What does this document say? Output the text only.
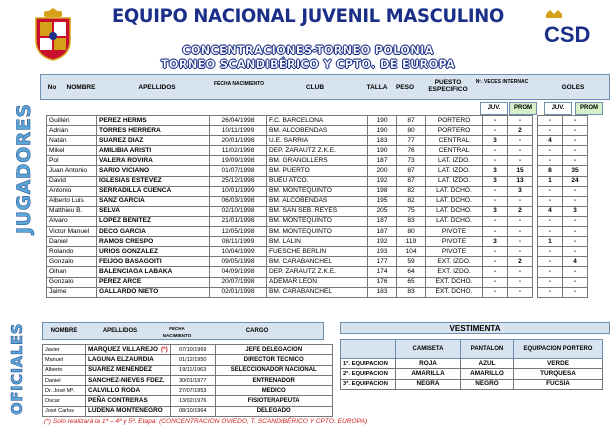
CSD
EQUIPO NACIONAL JUVENIL MASCULINO
CONCENTRACIONES-TORNEO POLONIA
TORNEO SCANDIBÉRICO Y CPTO. DE EUROPA
JUGADORES
OFICIALES
No	NOMBRE	APELLIDOS	FECHA NACIMIENTO	CLUB	TALLA	PESO
PUESTO ESPECIFICO
Nº. VECES INTERNAC
GOLES
JUV.	PROM	JUV.	PROM
Guillén	PEREZ HERMS	26/04/1998	F.C. BARCELONA	190	87	PORTERO	-	-		-	-
Adrián	TORRES HERRERA	10/11/1999	BM. ALCOBENDAS	190	80	PORTERO	-	2		-	-
Natán	SUAREZ DIAZ	20/01/1998	U.E. SARRIA	183	77	CENTRAL	3	-		4	-
Mikel	AMILIBIA ARISTI	11/02/1998	DEP. ZARAUTZ Z.K.E.	190	76	CENTRAL	-	-		-	-
Pol	VALERA ROVIRA	19/09/1998	BM. GRANOLLERS	187	73	LAT. IZDO.	-	-		-	-
Juan Antonio	SARIO VICIANO	01/07/1998	BM. PUERTO	200	87	LAT. IZDO.	3	15		8	35
David	IGLESIAS ESTEVEZ	25/12/1998	BUEU ATCO.	192	87	LAT. IZDO.	3	13		1	24
Antonio	SERRADILLA CUENCA	10/01/1999	BM. MONTEQUINTO	198	82	LAT. DCHO.	-	3		-	-
Alberto Luis	SANZ GARCIA	06/03/1998	BM. ALCOBENDAS	195	82	LAT. DCHO.	-	-		-	-
Matthieu B.	SELVA	02/10/1998	BM. SAN SEB. REYES	205	75	LAT. DCHO.	3	2		4	3
Alvaro	LOPEZ BENITEZ	21/01/1998	BM. MONTEQUINTO	187	83	LAT. DCHO.	-	-		-	-
Victor Manuel	DECO GARCIA	12/05/1998	BM. MONTEQUINTO	187	80	PIVOTE	-	-		-	-
Daniel	RAMOS CRESPO	08/11/1999	BM. LALIN	192	119	PIVOTE	3	-		1	-
Rolando	URIOS GONZALEZ	10/04/1999	FUESCHE BERLIN	193	104	PIVOTE	-	-		-	-
Gonzalo	FEIJOO BASAGOITI	09/05/1998	BM. CARABANCHEL	177	59	EXT. IZDO.	-	2		-	4
Oihan	BALENCIAGA LABAKA	04/09/1998	DEP. ZARAUTZ Z.K.E.	174	64	EXT. IZDO.	-	-		-	-
Gonzalo	PEREZ ARCE	20/07/1998	ADEMAR LEON	176	65	EXT. DCHO.	-	-		-	-
Jaime	GALLARDO NIETO	02/01/1998	BM. CARABANCHEL	183	83	EXT. DCHO.	-	-		-	-
NOMBRE	APELLIDOS	FECHA NACIMIENTO
CARGO
Javier	MARQUEZ VILLAREJO (*)	07/10/1969	JEFE DELEGACION
Manuel	LAGUNA ELZAURDIA	01/12/1950	DIRECTOR TECNICO
Alberto	SUAREZ MENENDEZ	19/11/1963	SELECCIONADOR NACIONAL
Daniel	SANCHEZ-NIEVES FDEZ.	30/01/1977	ENTRENADOR
Dr. José Mª.	CALVILLO RODA	27/07/1953	MEDICO
Oscar	PEÑA CONTRERAS	13/02/1976	FISIOTERAPEUTA
José Carlos	LUDENA MONTENEGRO	08/10/1964	DELEGADO
VESTIMENTA
	CAMISETA	PANTALON	EQUIPACION PORTERO
1ª. EQUIPACION	ROJA	AZUL	VERDE
2ª. EQUIPACION	AMARILLA	AMARILLO	TURQUESA
3ª. EQUIPACION	NEGRA	NEGRO	FUCSIA
(*) Solo realizará la 1ª – 4ª y 5ª. Etapa: (CONCENTRACION OVIEDO, T. SCANDIBÉRICO Y CPTO. EUROPA)
